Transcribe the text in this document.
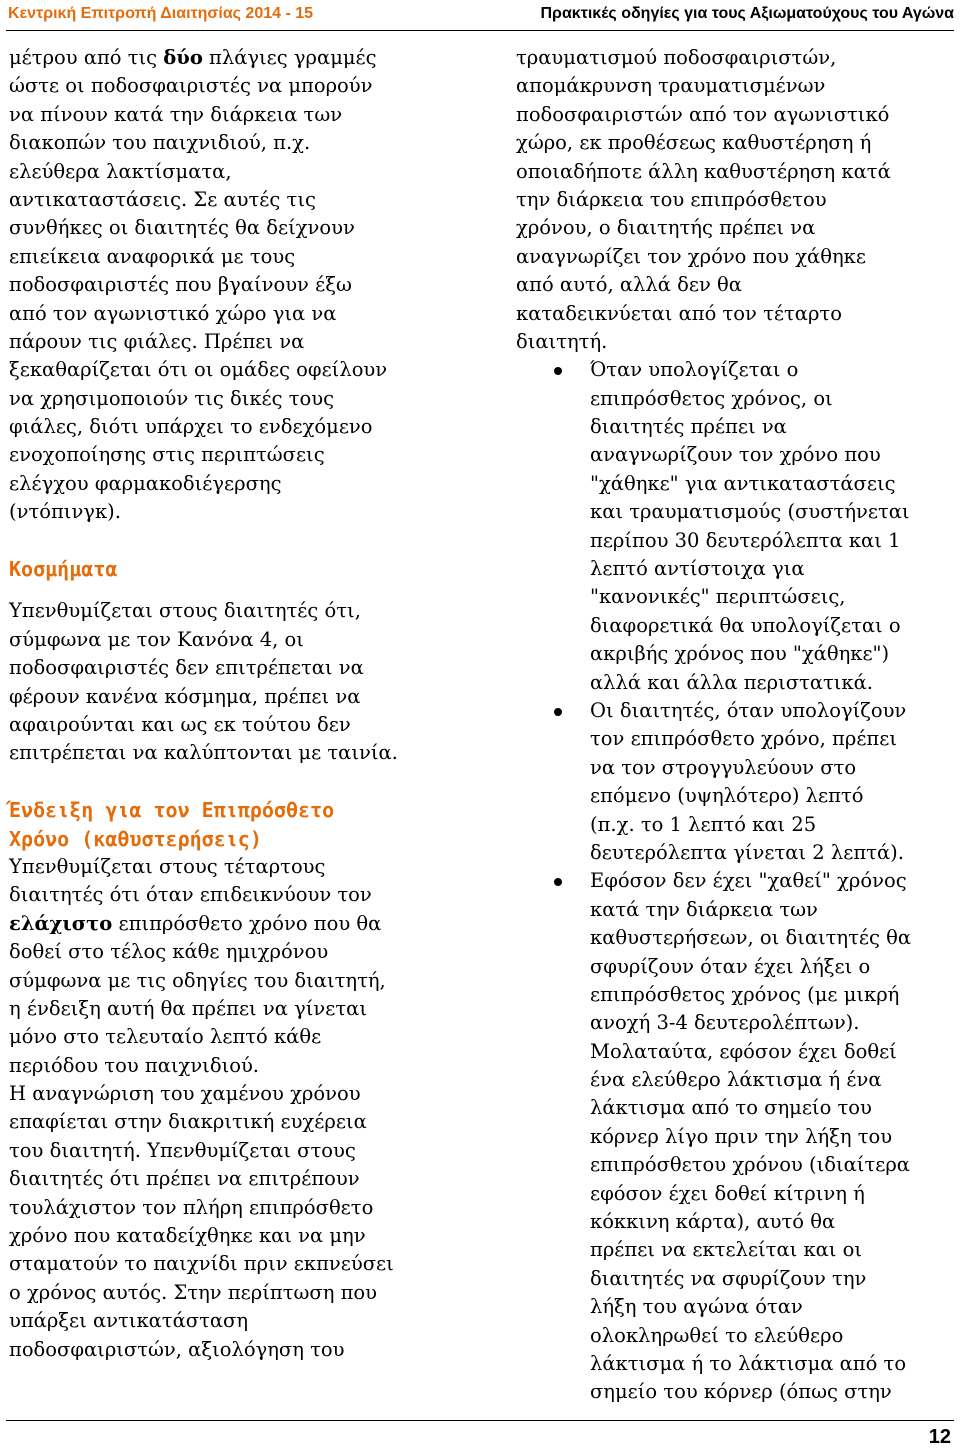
Κεντρική Επιτροπή Διαιτησίας 2014 - 15	Πρακτικές οδηγίες για τους Αξιωματούχους του Αγώνα
μέτρου από τις δύο πλάγιες γραμμές
ώστε οι ποδοσφαιριστές να μπορούν
να πίνουν κατά την διάρκεια των
διακοπών του παιχνιδιού, π.χ.
ελεύθερα λακτίσματα,
αντικαταστάσεις. Σε αυτές τις
συνθήκες οι διαιτητές θα δείχνουν
επιείκεια αναφορικά με τους
ποδοσφαιριστές που βγαίνουν έξω
από τον αγωνιστικό χώρο για να
πάρουν τις φιάλες. Πρέπει να
ξεκαθαρίζεται ότι οι ομάδες οφείλουν
να χρησιμοποιούν τις δικές τους
φιάλες, διότι υπάρχει το ενδεχόμενο
ενοχοποίησης στις περιπτώσεις
ελέγχου φαρμακοδιέγερσης
(ντόπινγκ).
Κοσμήματα
Υπενθυμίζεται στους διαιτητές ότι,
σύμφωνα με τον Κανόνα 4, οι
ποδοσφαιριστές δεν επιτρέπεται να
φέρουν κανένα κόσμημα, πρέπει να
αφαιρούνται και ως εκ τούτου δεν
επιτρέπεται να καλύπτονται με ταινία.
Ένδειξη για τον Επιπρόσθετο
Χρόνο (καθυστερήσεις)
Υπενθυμίζεται στους τέταρτους
διαιτητές ότι όταν επιδεικνύουν τον
ελάχιστο επιπρόσθετο χρόνο που θα
δοθεί στο τέλος κάθε ημιχρόνου
σύμφωνα με τις οδηγίες του διαιτητή,
η ένδειξη αυτή θα πρέπει να γίνεται
μόνο στο τελευταίο λεπτό κάθε
περιόδου του παιχνιδιού.
Η αναγνώριση του χαμένου χρόνου
επαφίεται στην διακριτική ευχέρεια
του διαιτητή. Υπενθυμίζεται στους
διαιτητές ότι πρέπει να επιτρέπουν
τουλάχιστον τον πλήρη επιπρόσθετο
χρόνο που καταδείχθηκε και να μην
σταματούν το παιχνίδι πριν εκπνεύσει
ο χρόνος αυτός. Στην περίπτωση που
υπάρξει αντικατάσταση
ποδοσφαιριστών, αξιολόγηση του
τραυματισμού ποδοσφαιριστών,
απομάκρυνση τραυματισμένων
ποδοσφαιριστών από τον αγωνιστικό
χώρο, εκ προθέσεως καθυστέρηση ή
οποιαδήποτε άλλη καθυστέρηση κατά
την διάρκεια του επιπρόσθετου
χρόνου, ο διαιτητής πρέπει να
αναγνωρίζει τον χρόνο που χάθηκε
από αυτό, αλλά δεν θα
καταδεικνύεται από τον τέταρτο
διαιτητή.
Όταν υπολογίζεται ο
επιπρόσθετος χρόνος, οι
διαιτητές πρέπει να
αναγνωρίζουν τον χρόνο που
"χάθηκε" για αντικαταστάσεις
και τραυματισμούς (συστήνεται
περίπου 30 δευτερόλεπτα και 1
λεπτό αντίστοιχα για
"κανονικές" περιπτώσεις,
διαφορετικά θα υπολογίζεται ο
ακριβής χρόνος που "χάθηκε")
αλλά και άλλα περιστατικά.
Οι διαιτητές, όταν υπολογίζουν
τον επιπρόσθετο χρόνο, πρέπει
να τον στρογγυλεύουν στο
επόμενο (υψηλότερο) λεπτό
(π.χ. το 1 λεπτό και 25
δευτερόλεπτα γίνεται 2 λεπτά).
Εφόσον δεν έχει "χαθεί" χρόνος
κατά την διάρκεια των
καθυστερήσεων, οι διαιτητές θα
σφυρίζουν όταν έχει λήξει ο
επιπρόσθετος χρόνος (με μικρή
ανοχή 3-4 δευτερολέπτων).
Μολαταύτα, εφόσον έχει δοθεί
ένα ελεύθερο λάκτισμα ή ένα
λάκτισμα από το σημείο του
κόρνερ λίγο πριν την λήξη του
επιπρόσθετου χρόνου (ιδιαίτερα
εφόσον έχει δοθεί κίτρινη ή
κόκκινη κάρτα), αυτό θα
πρέπει να εκτελείται και οι
διαιτητές να σφυρίζουν την
λήξη του αγώνα όταν
ολοκληρωθεί το ελεύθερο
λάκτισμα ή το λάκτισμα από το
σημείο του κόρνερ (όπως στην
12
